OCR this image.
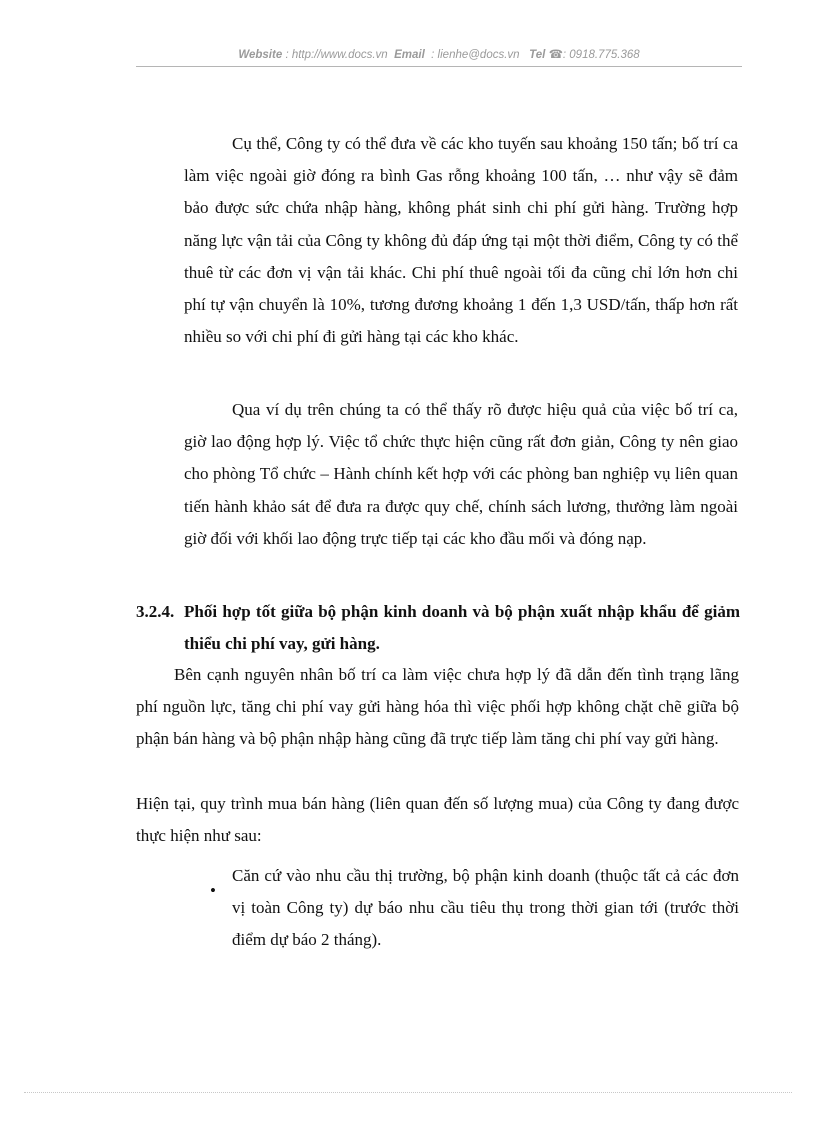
Website : http://www.docs.vn Email : lienhe@docs.vn Tel ☎: 0918.775.368

Cụ thể, Công ty có thể đưa về các kho tuyến sau khoảng 150 tấn; bố trí ca làm việc ngoài giờ đóng ra bình Gas rỗng khoảng 100 tấn, … như vậy sẽ đảm bảo được sức chứa nhập hàng, không phát sinh chi phí gửi hàng. Trường hợp năng lực vận tải của Công ty không đủ đáp ứng tại một thời điểm, Công ty có thể thuê từ các đơn vị vận tải khác. Chi phí thuê ngoài tối đa cũng chỉ lớn hơn chi phí tự vận chuyển là 10%, tương đương khoảng 1 đến 1,3 USD/tấn, thấp hơn rất nhiều so với chi phí đi gửi hàng tại các kho khác.

Qua ví dụ trên chúng ta có thể thấy rõ được hiệu quả của việc bố trí ca, giờ lao động hợp lý. Việc tổ chức thực hiện cũng rất đơn giản, Công ty nên giao cho phòng Tổ chức – Hành chính kết hợp với các phòng ban nghiệp vụ liên quan tiến hành khảo sát để đưa ra được quy chế, chính sách lương, thưởng làm ngoài giờ đối với khối lao động trực tiếp tại các kho đầu mối và đóng nạp.

3.2.4. Phối hợp tốt giữa bộ phận kinh doanh và bộ phận xuất nhập khẩu để giảm thiểu chi phí vay, gửi hàng.

Bên cạnh nguyên nhân bố trí ca làm việc chưa hợp lý đã dẫn đến tình trạng lãng phí nguồn lực, tăng chi phí vay gửi hàng hóa thì việc phối hợp không chặt chẽ giữa bộ phận bán hàng và bộ phận nhập hàng cũng đã trực tiếp làm tăng chi phí vay gửi hàng.

Hiện tại, quy trình mua bán hàng (liên quan đến số lượng mua) của Công ty đang được thực hiện như sau:

•

Căn cứ vào nhu cầu thị trường, bộ phận kinh doanh (thuộc tất cả các đơn vị toàn Công ty) dự báo nhu cầu tiêu thụ trong thời gian tới (trước thời điểm dự báo 2 tháng).
